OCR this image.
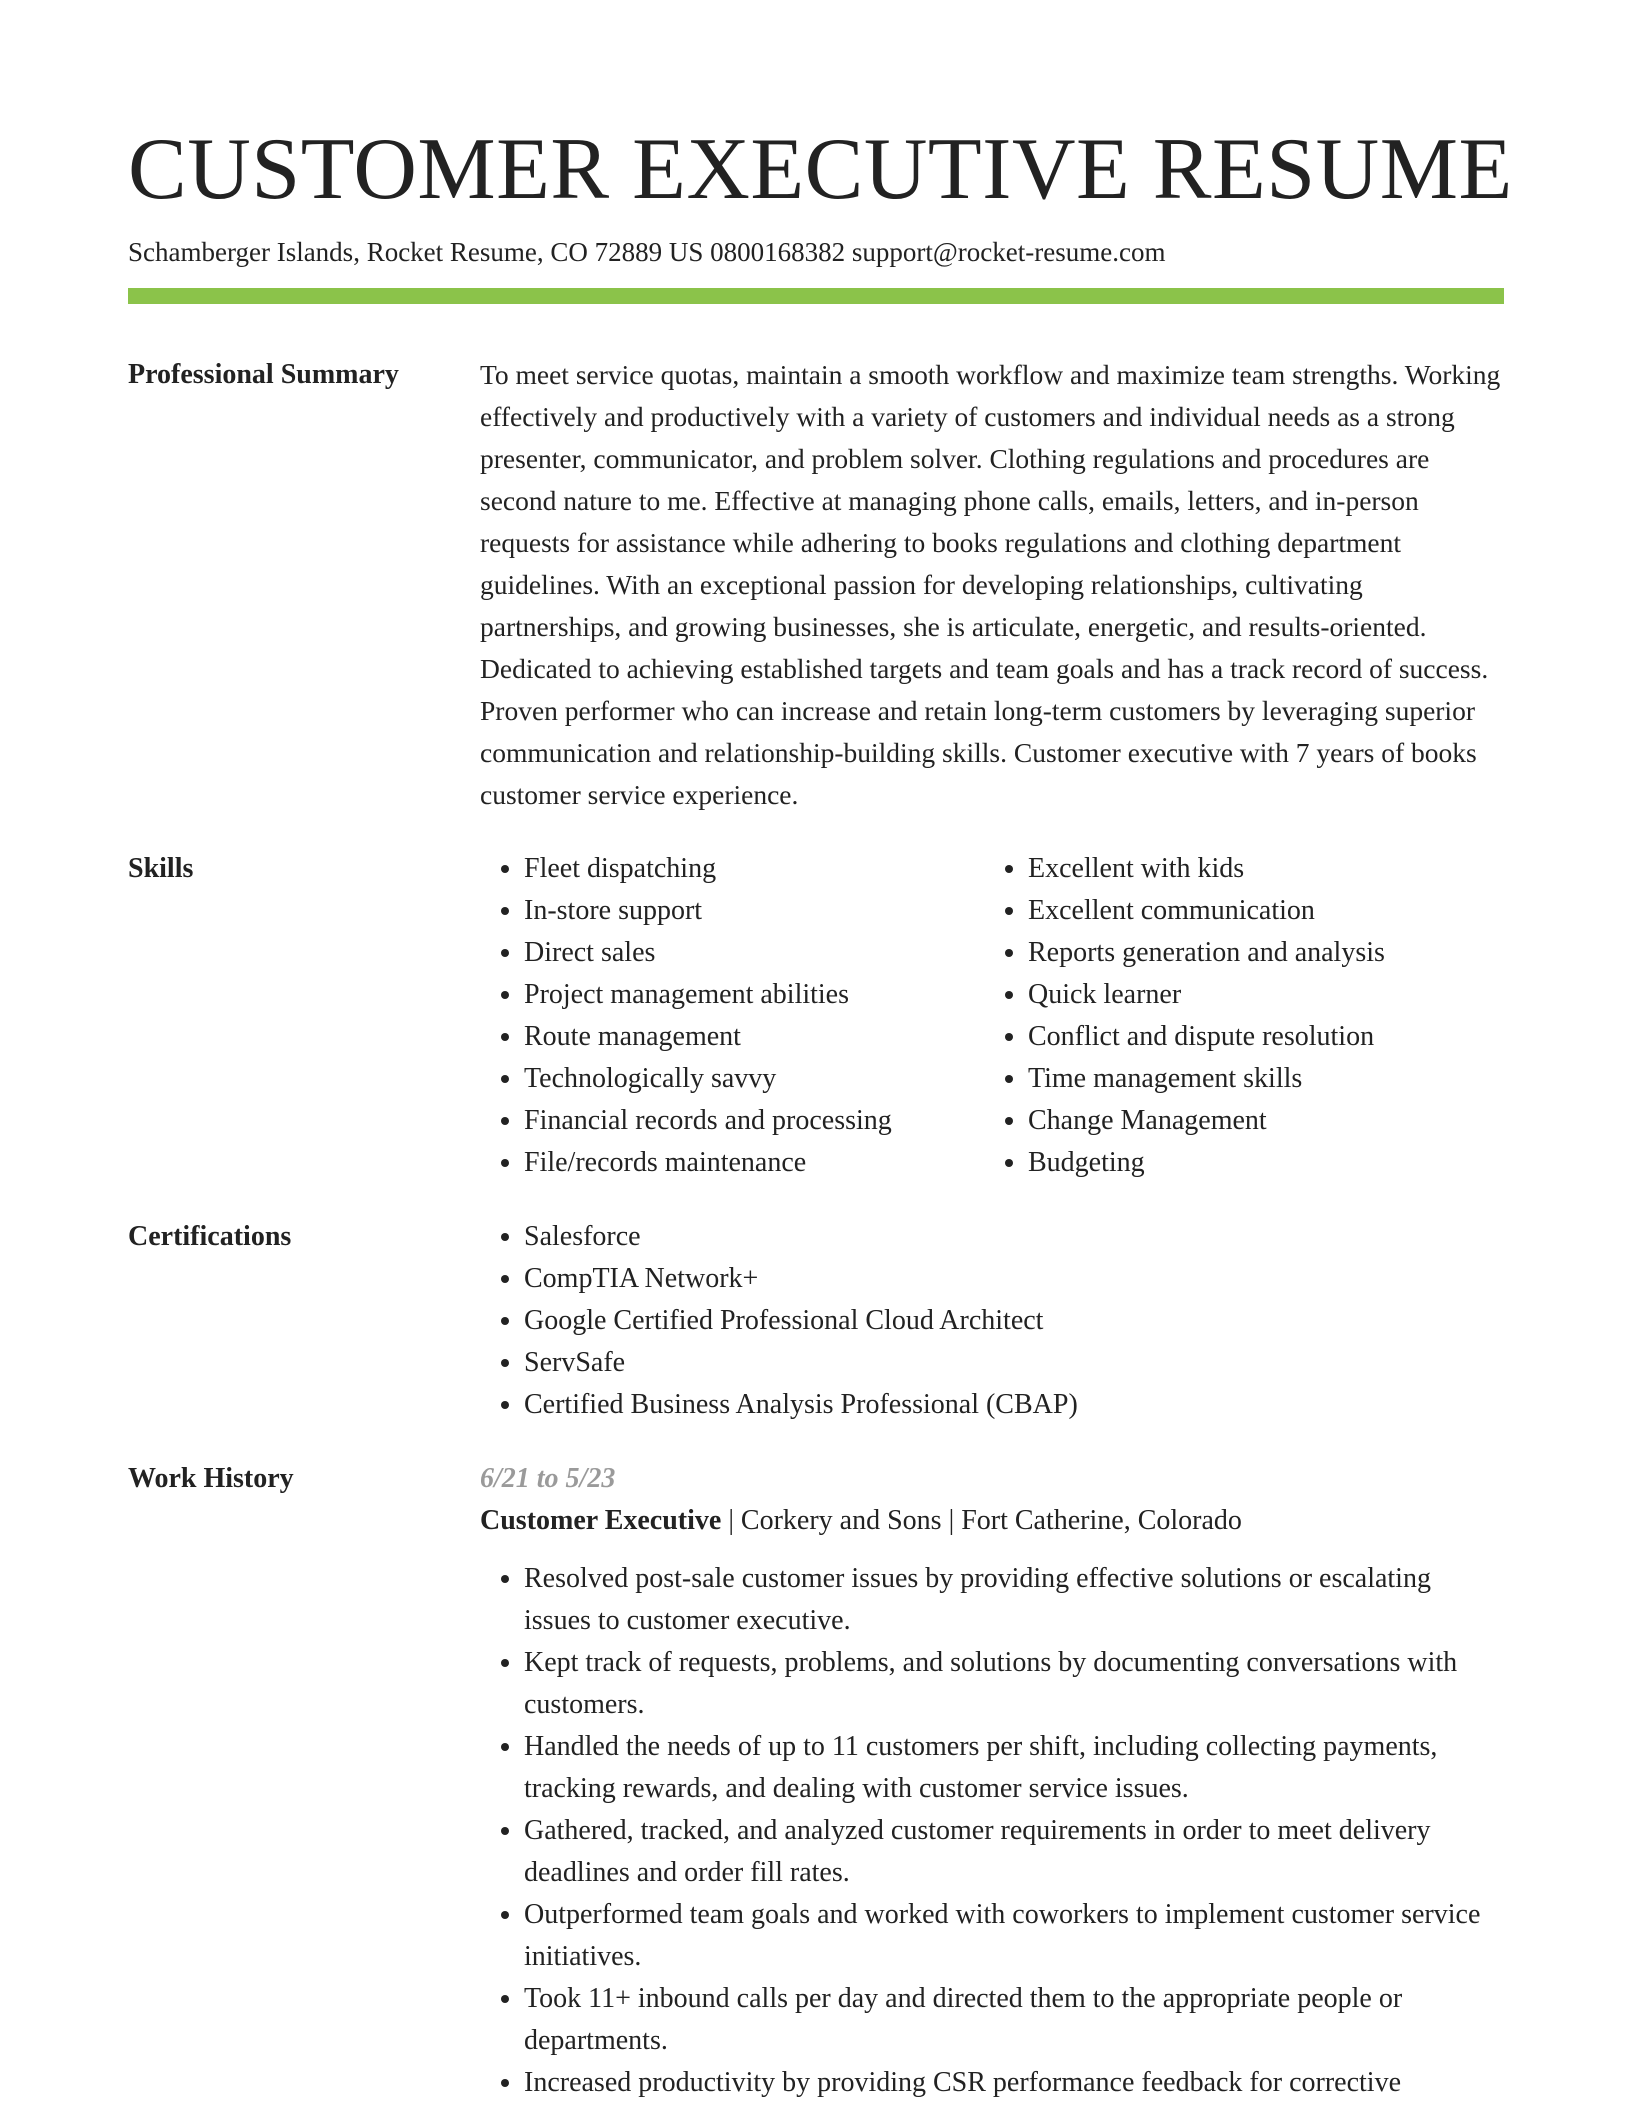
CUSTOMER EXECUTIVE RESUME
Schamberger Islands, Rocket Resume, CO 72889 US 0800168382 support@rocket-resume.com
Professional Summary	To meet service quotas, maintain a smooth workflow and maximize team strengths. Working effectively and productively with a variety of customers and individual needs as a strong presenter, communicator, and problem solver. Clothing regulations and procedures are second nature to me. Effective at managing phone calls, emails, letters, and in-person requests for assistance while adhering to books regulations and clothing department guidelines. With an exceptional passion for developing relationships, cultivating partnerships, and growing businesses, she is articulate, energetic, and results-oriented. Dedicated to achieving established targets and team goals and has a track record of success. Proven performer who can increase and retain long-term customers by leveraging superior communication and relationship-building skills. Customer executive with 7 years of books customer service experience.

Skills	• Fleet dispatching
• In-store support
• Direct sales
• Project management abilities
• Route management
• Technologically savvy
• Financial records and processing
• File/records maintenance
• Excellent with kids
• Excellent communication
• Reports generation and analysis
• Quick learner
• Conflict and dispute resolution
• Time management skills
• Change Management
• Budgeting
Certifications	• Salesforce
• CompTIA Network+
• Google Certified Professional Cloud Architect
• ServSafe
• Certified Business Analysis Professional (CBAP)
Work History	6/21 to 5/23
Customer Executive | Corkery and Sons | Fort Catherine, Colorado
• Resolved post-sale customer issues by providing effective solutions or escalating issues to customer executive.
• Kept track of requests, problems, and solutions by documenting conversations with customers.
• Handled the needs of up to 11 customers per shift, including collecting payments, tracking rewards, and dealing with customer service issues.
• Gathered, tracked, and analyzed customer requirements in order to meet delivery deadlines and order fill rates.
• Outperformed team goals and worked with coworkers to implement customer service initiatives.
• Took 11+ inbound calls per day and directed them to the appropriate people or departments.
• Increased productivity by providing CSR performance feedback for corrective
